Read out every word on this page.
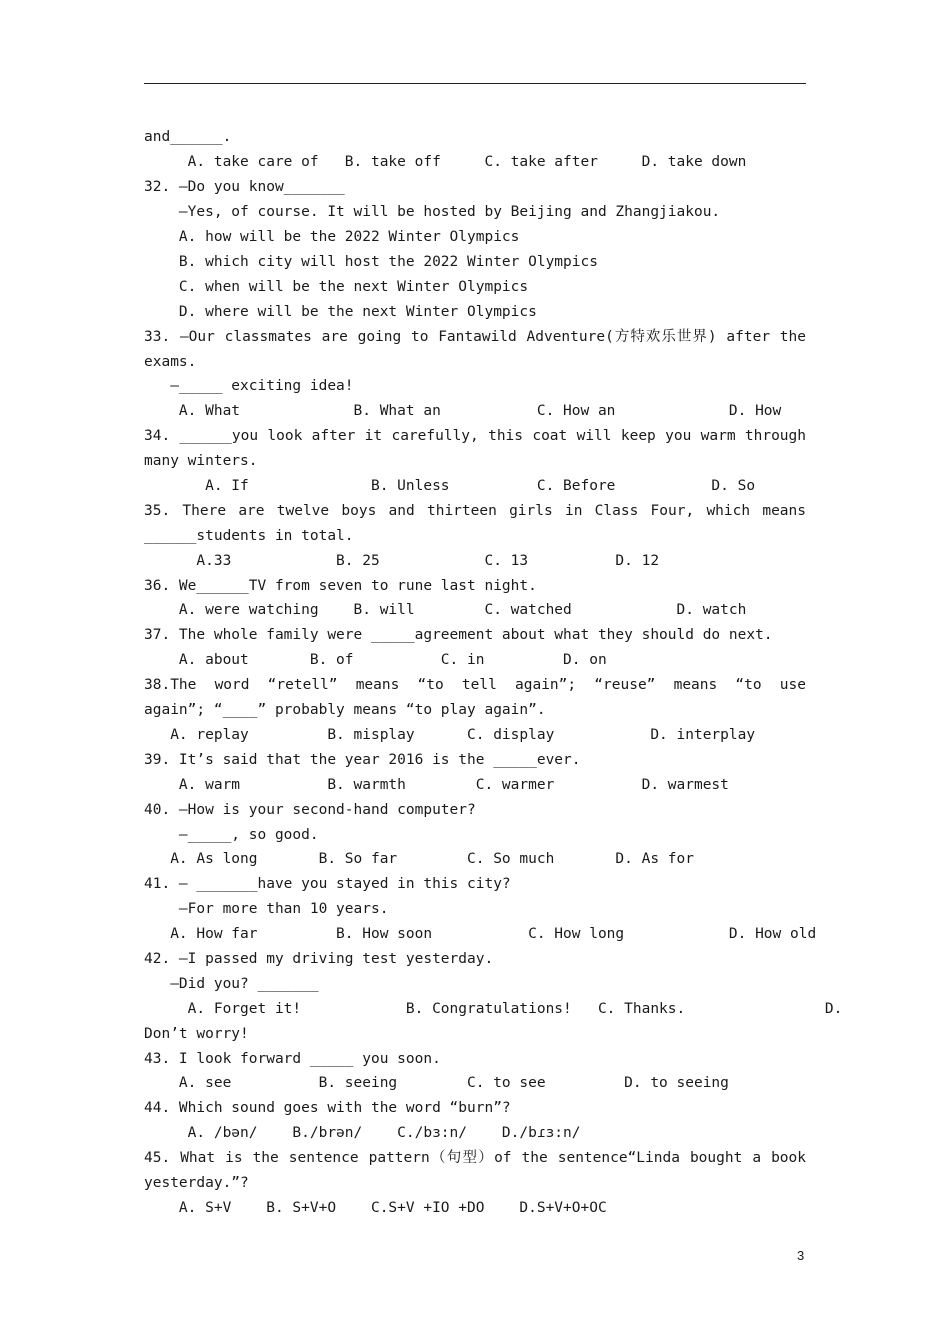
and______.
A. take care of   B. take off     C. take after     D. take down
32. —Do you know_______
—Yes, of course. It will be hosted by Beijing and Zhangjiakou.
A. how will be the 2022 Winter Olympics
B. which city will host the 2022 Winter Olympics
C. when will be the next Winter Olympics
D. where will be the next Winter Olympics
33. —Our classmates are going to Fantawild Adventure(方特欢乐世界) after the
exams.
—_____ exciting idea!
A. What             B. What an           C. How an             D. How
34. ______you look after it carefully, this coat will keep you warm through
many winters.
A. If              B. Unless          C. Before           D. So
35. There are twelve boys and thirteen girls in Class Four, which means
______students in total.
A.33            B. 25            C. 13          D. 12
36. We______TV from seven to rune last night.
A. were watching    B. will        C. watched            D. watch
37. The whole family were _____agreement about what they should do next.
A. about       B. of          C. in         D. on
38.The word “retell” means “to tell again”; “reuse” means “to use
again”; “____” probably means “to play again”.
A. replay         B. misplay      C. display           D. interplay
39. It’s said that the year 2016 is the _____ever.
A. warm          B. warmth        C. warmer          D. warmest
40. —How is your second-hand computer?
—_____, so good.
A. As long       B. So far        C. So much       D. As for
41. — _______have you stayed in this city?
—For more than 10 years.
A. How far         B. How soon           C. How long            D. How old
42. —I passed my driving test yesterday.
—Did you? _______
A. Forget it!            B. Congratulations!   C. Thanks.                D.
Don’t worry!
43. I look forward _____ you soon.
A. see          B. seeing        C. to see         D. to seeing
44. Which sound goes with the word “burn”?
A. /bən/    B./brən/    C./bɜ:n/    D./bɾɜ:n/
45. What is the sentence pattern（句型）of the sentence“Linda bought a book
yesterday.”?
A. S+V    B. S+V+O    C.S+V +IO +DO    D.S+V+O+OC
3
